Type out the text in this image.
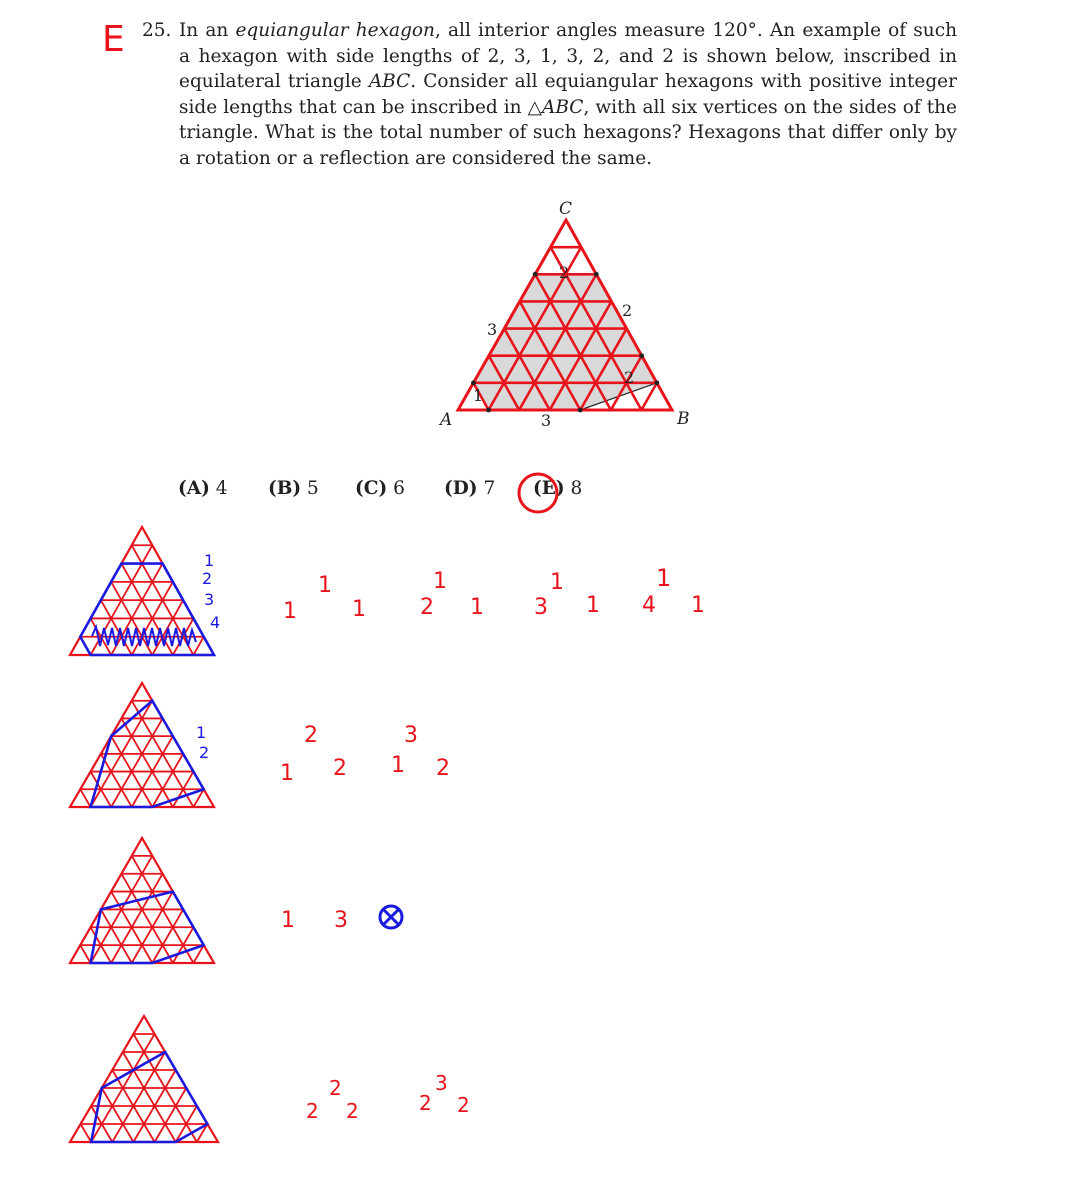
E 25. In an equiangular hexagon, all interior angles measure 120°. An example of such a hexagon with side lengths of 2, 3, 1, 3, 2, and 2 is shown below, inscribed in equilateral triangle ABC. Consider all equiangular hexagons with positive integer side lengths that can be inscribed in △ABC, with all six vertices on the sides of the triangle. What is the total number of such hexagons? Hexagons that differ only by a rotation or a reflection are considered the same.
(A) 4 (B) 5 (C) 6 (D) 7 (E) 8
C
A	B
2
3
1
3
2
2
1
2
3
4	1
1
1 2
1
1 3
1
1 4
1
1
1
2
1
2
2 1
3
2
1 3
2
2
2	2
3
2
